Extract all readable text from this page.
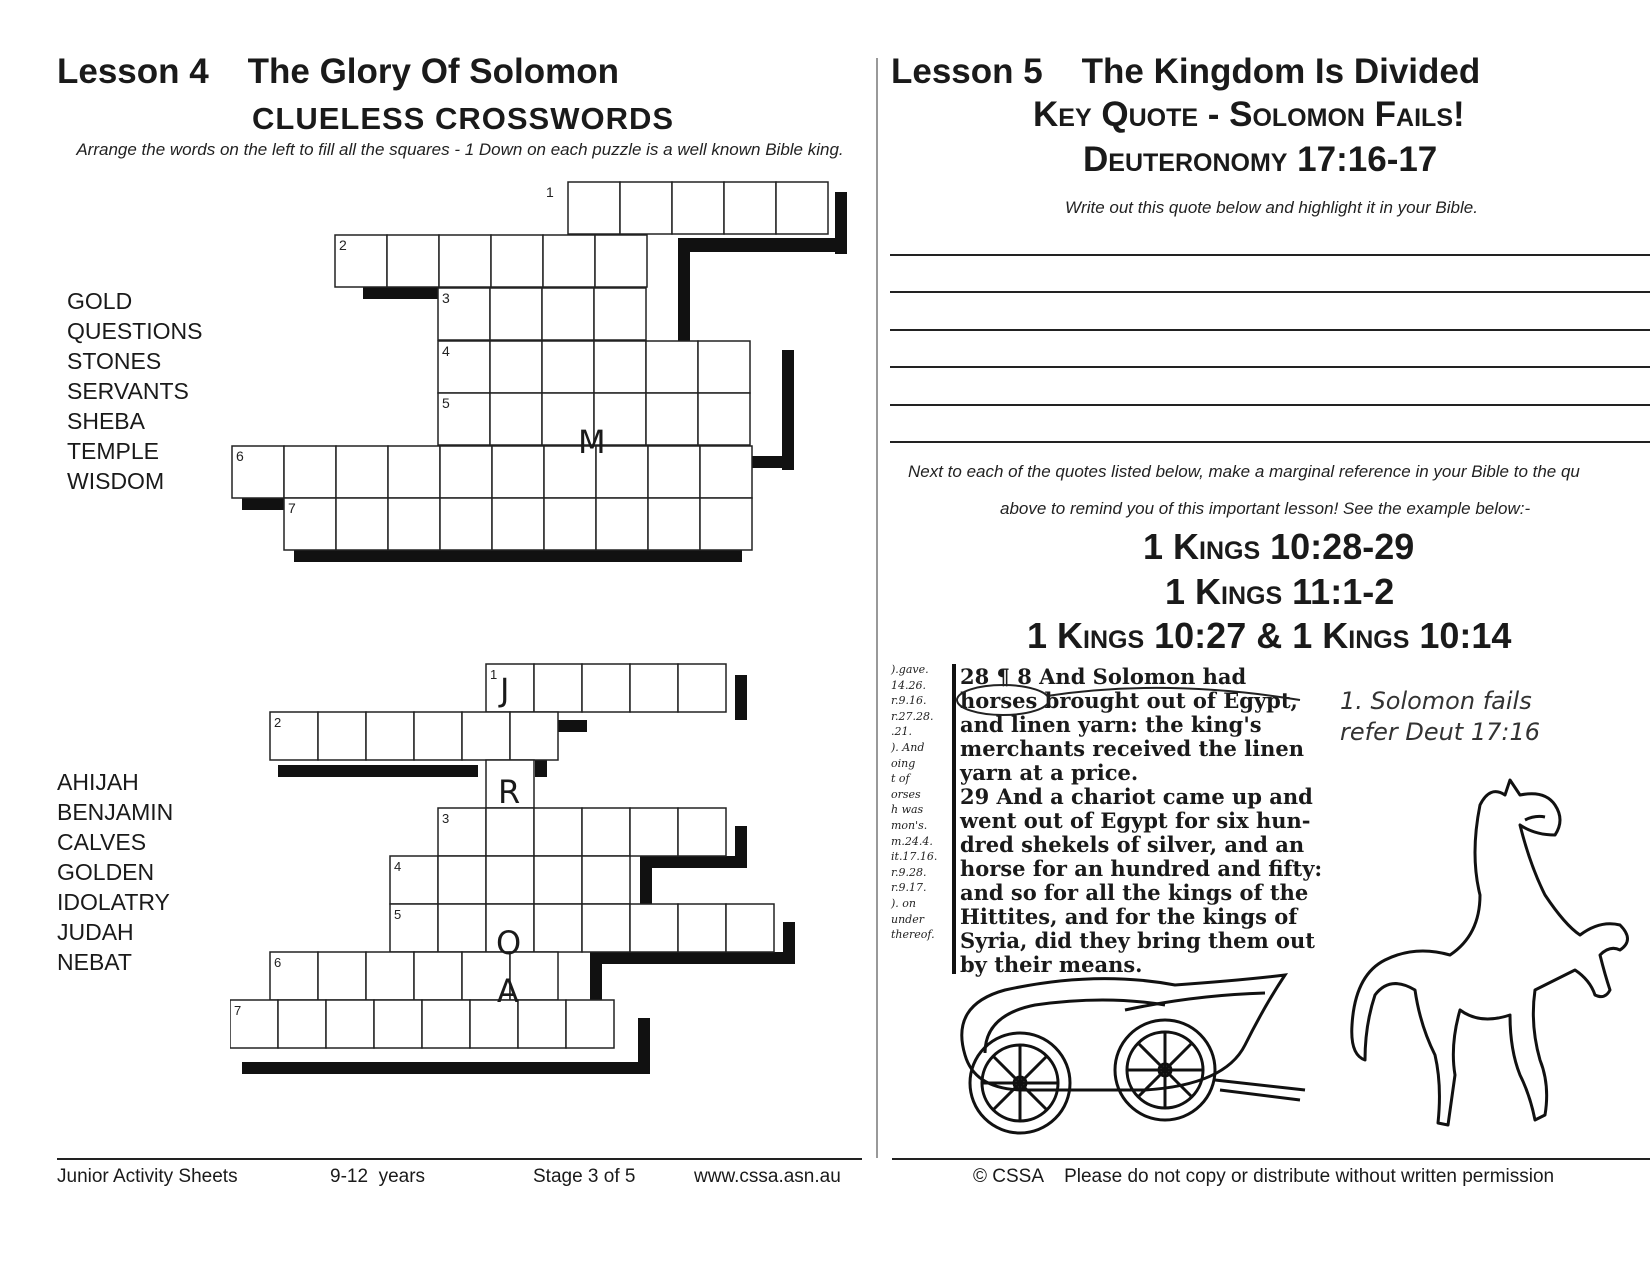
Lesson 4    The Glory Of Solomon
CLUELESS CROSSWORDS
Arrange the words on the left to fill all the squares - 1 Down on each puzzle is a well known Bible king.
GOLD
QUESTIONS
STONES
SERVANTS
SHEBA
TEMPLE
WISDOM
1
2
3
4
5
6
7
M
AHIJAH
BENJAMIN
CALVES
GOLDEN
IDOLATRY
JUDAH
NEBAT
1
2
3
4
5
6
7
J
R
O
A
Junior Activity Sheets	9-12  years	Stage 3 of 5	www.cssa.asn.au
Lesson 5    The Kingdom Is Divided
Key Quote - Solomon Fails!
Deuteronomy 17:16-17
Write out this quote below and highlight it in your Bible.
Next to each of the quotes listed below, make a marginal reference in your Bible to the qu
above to remind you of this important lesson! See the example below:-
1 Kings 10:28-29
1 Kings 11:1-2
1 Kings 10:27 & 1 Kings 10:14
).gave.
14.26.
r.9.16.
r.27.28.
.21.
). And
oing
t of
orses
h was
mon's.
m.24.4.
it.17.16.
r.9.28.
r.9.17.
). on
under
thereof.
28 ¶ 8 And Solomon had
horses brought out of Egypt,
and linen yarn: the king's
merchants received the linen
yarn at a price.
29 And a chariot came up and
went out of Egypt for six hun-
dred shekels of silver, and an
horse for an hundred and fifty:
and so for all the kings of the
Hittites, and for the kings of
Syria, did they bring them out
by their means.
1. Solomon fails
refer Deut 17:16
© CSSA    Please do not copy or distribute without written permission
